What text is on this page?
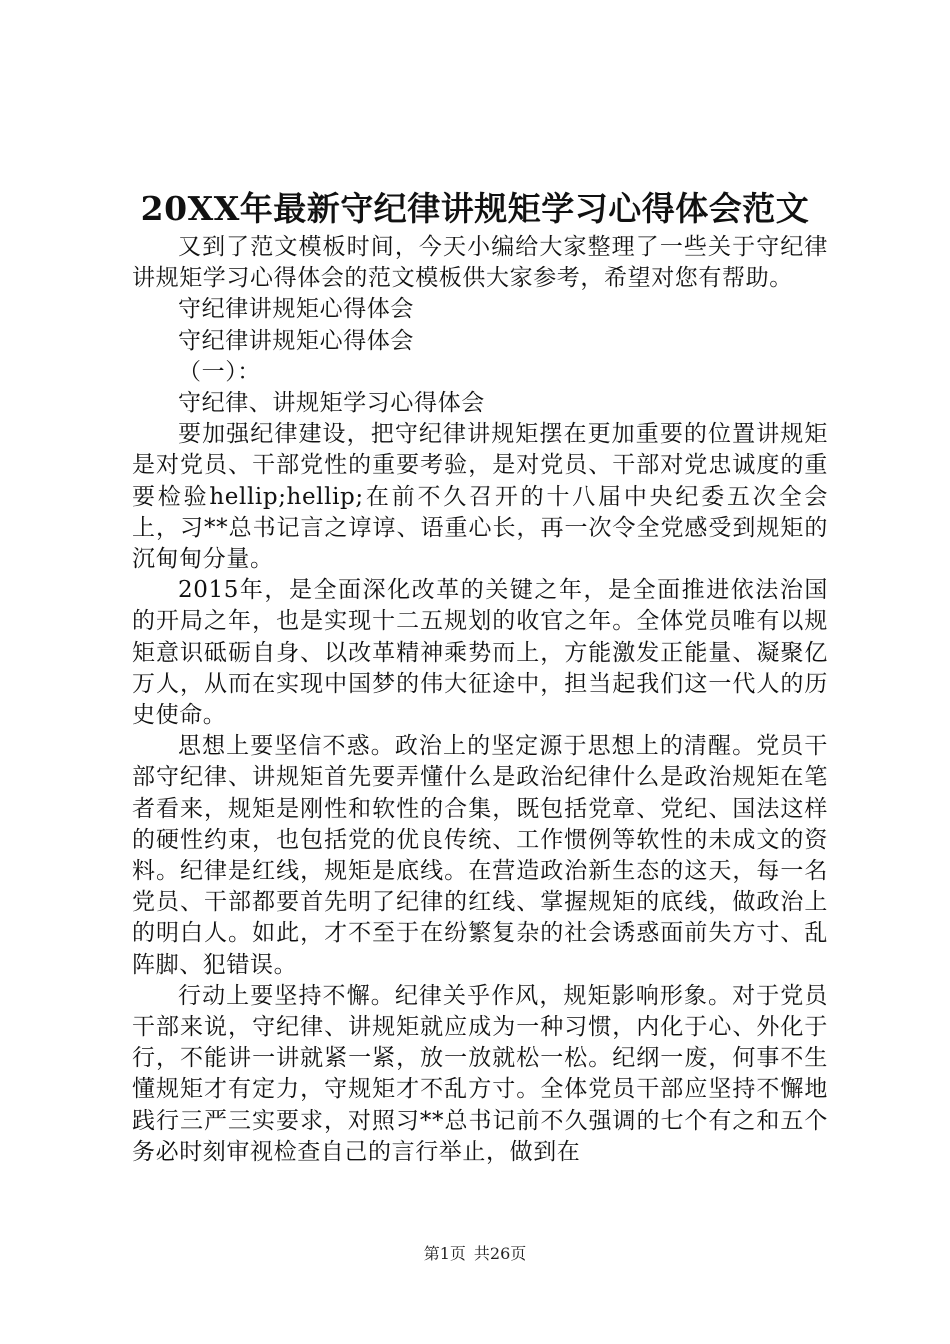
20XX年最新守纪律讲规矩学习心得体会范文

又到了范文模板时间，今天小编给大家整理了一些关于守纪律讲规矩学习心得体会的范文模板供大家参考，希望对您有帮助。

守纪律讲规矩心得体会

守纪律讲规矩心得体会

（一）：

守纪律、讲规矩学习心得体会

要加强纪律建设，把守纪律讲规矩摆在更加重要的位置讲规矩是对党员、干部党性的重要考验，是对党员、干部对党忠诚度的重要检验hellip;hellip;在前不久召开的十八届中央纪委五次全会上，习**总书记言之谆谆、语重心长，再一次令全党感受到规矩的沉甸甸分量。

2015年，是全面深化改革的关键之年，是全面推进依法治国的开局之年，也是实现十二五规划的收官之年。全体党员唯有以规矩意识砥砺自身、以改革精神乘势而上，方能激发正能量、凝聚亿万人，从而在实现中国梦的伟大征途中，担当起我们这一代人的历史使命。

思想上要坚信不惑。政治上的坚定源于思想上的清醒。党员干部守纪律、讲规矩首先要弄懂什么是政治纪律什么是政治规矩在笔者看来，规矩是刚性和软性的合集，既包括党章、党纪、国法这样的硬性约束，也包括党的优良传统、工作惯例等软性的未成文的资料。纪律是红线，规矩是底线。在营造政治新生态的这天，每一名党员、干部都要首先明了纪律的红线、掌握规矩的底线，做政治上的明白人。如此，才不至于在纷繁复杂的社会诱惑面前失方寸、乱阵脚、犯错误。

行动上要坚持不懈。纪律关乎作风，规矩影响形象。对于党员干部来说，守纪律、讲规矩就应成为一种习惯，内化于心、外化于行，不能讲一讲就紧一紧，放一放就松一松。纪纲一废，何事不生懂规矩才有定力，守规矩才不乱方寸。全体党员干部应坚持不懈地践行三严三实要求，对照习**总书记前不久强调的七个有之和五个务必时刻审视检查自己的言行举止，做到在

第1页 共26页
